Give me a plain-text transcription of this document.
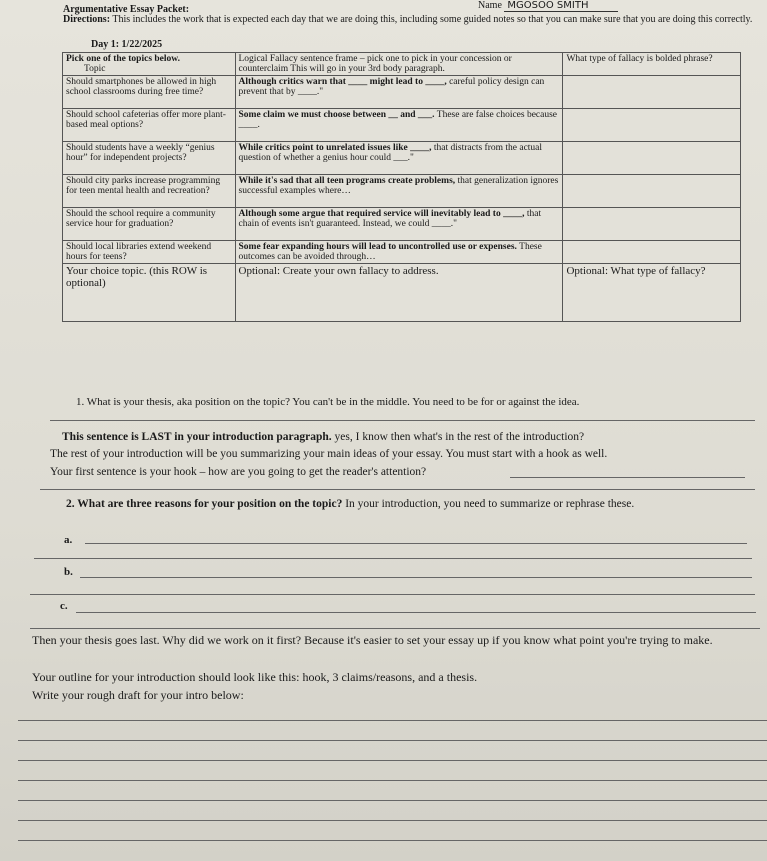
Argumentative Essay Packet:	Name MGOSOO SMITH
Directions: This includes the work that is expected each day that we are doing this, including some guided notes so that you can make sure that you are doing this correctly.
Day 1: 1/22/2025
Pick one of the topics below.
Topic	Logical Fallacy sentence frame – pick one to pick in your concession or counterclaim This will go in your 3rd body paragraph.	What type of fallacy is bolded phrase?
Should smartphones be allowed in high school classrooms during free time?	Although critics warn that ____ might lead to ____, careful policy design can prevent that by ____."	
Should school cafeterias offer more plant-based meal options?	Some claim we must choose between __ and ___. These are false choices because ____.	
Should students have a weekly “genius hour” for independent projects?	While critics point to unrelated issues like ____, that distracts from the actual question of whether a genius hour could ___."	
Should city parks increase programming for teen mental health and recreation?	While it's sad that all teen programs create problems, that generalization ignores successful examples where…	
Should the school require a community service hour for graduation?	Although some argue that required service will inevitably lead to ____, that chain of events isn't guaranteed. Instead, we could ____."	
Should local libraries extend weekend hours for teens?	Some fear expanding hours will lead to uncontrolled use or expenses. These outcomes can be avoided through…	
Your choice topic. (this ROW is optional)	Optional: Create your own fallacy to address.	Optional: What type of fallacy?
1. What is your thesis, aka position on the topic? You can't be in the middle. You need to be for or against the idea.
This sentence is LAST in your introduction paragraph. yes, I know then what's in the rest of the introduction?
The rest of your introduction will be you summarizing your main ideas of your essay. You must start with a hook as well.
Your first sentence is your hook – how are you going to get the reader's attention?
2. What are three reasons for your position on the topic? In your introduction, you need to summarize or rephrase these.
a.
b.
c.
Then your thesis goes last. Why did we work on it first? Because it's easier to set your essay up if you know what point you're trying to make.
Your outline for your introduction should look like this: hook, 3 claims/reasons, and a thesis.
Write your rough draft for your intro below:
